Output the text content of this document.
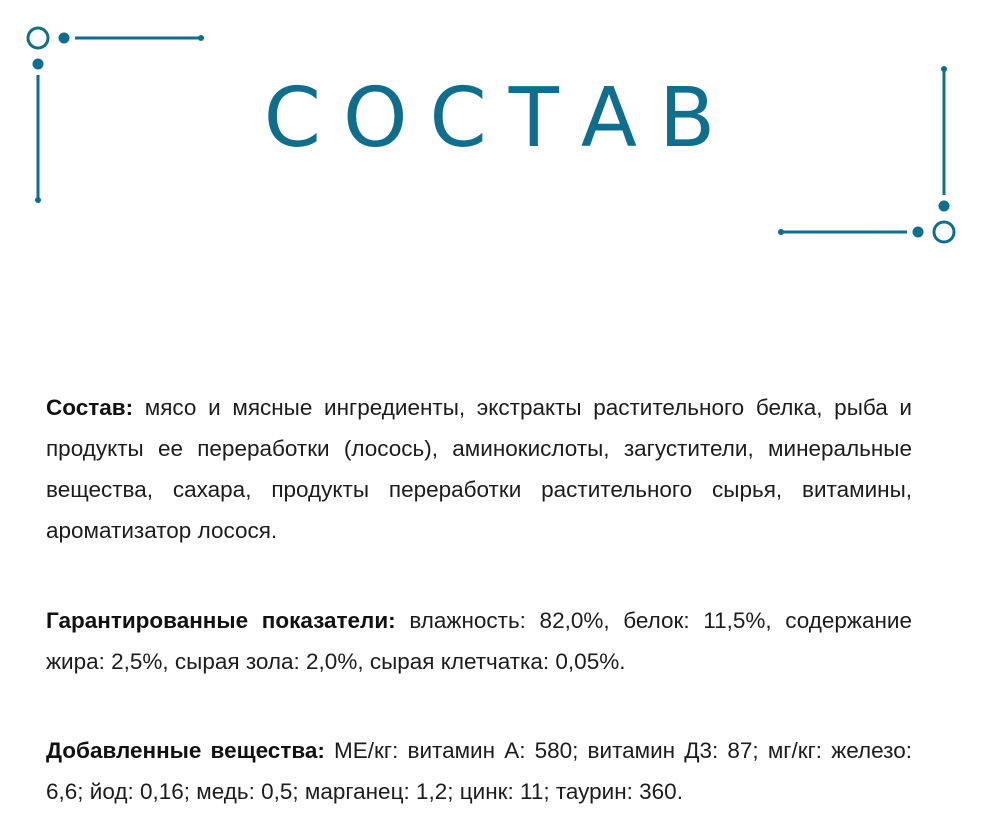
СОСТАВ

Состав: мясо и мясные ингредиенты, экстракты растительного белка, рыба и продукты ее переработки (лосось), аминокислоты, загустители, минеральные вещества, сахара, продукты переработки растительного сырья, витамины, ароматизатор лосося.

Гарантированные показатели: влажность: 82,0%, белок: 11,5%, содержание жира: 2,5%, сырая зола: 2,0%, сырая клетчатка: 0,05%.

Добавленные вещества: МЕ/кг: витамин А: 580; витамин Д3: 87; мг/кг: железо: 6,6; йод: 0,16; медь: 0,5; марганец: 1,2; цинк: 11; таурин: 360.
